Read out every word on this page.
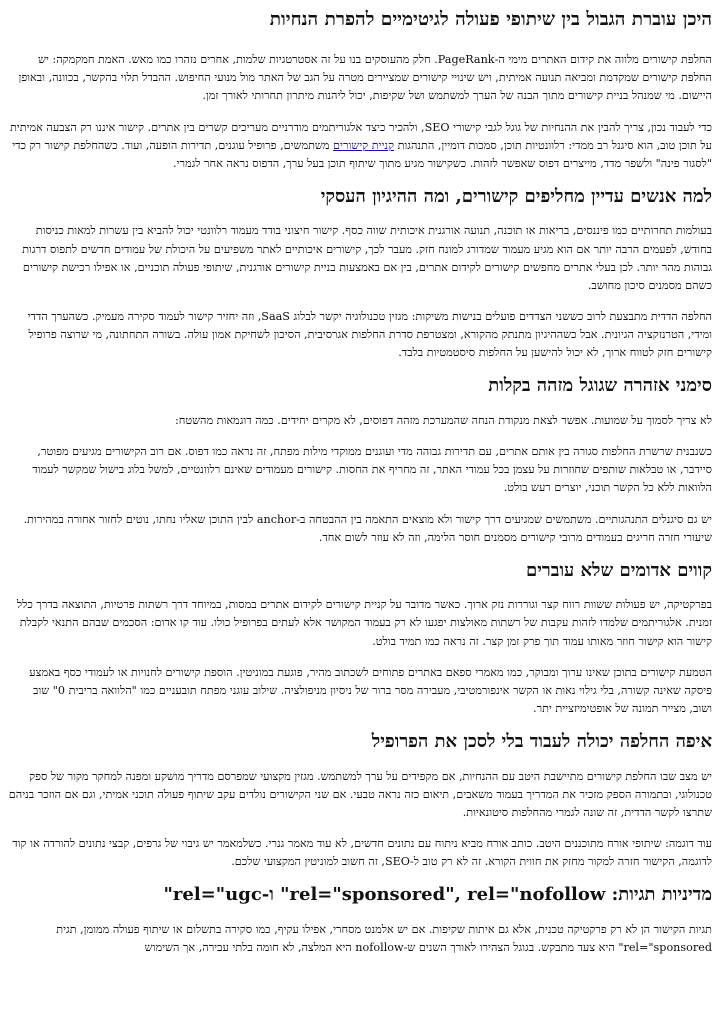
היכן עוברת הגבול בין שיתופי פעולה לגיטימיים להפרת הנחיות

החלפת קישורים מלווה את קידום האתרים מימי ה-PageRank. חלק מהעוסקים בנו על זה אסטרטגיות שלמות, אחרים נזהרו כמו מאש. האמת חמקמקה: יש החלפת קישורים שמקדמת ומביאה תנועה אמיתית, ויש שינויי קישורים שמציירים מטרה על הגב של האתר מול מנועי החיפוש. ההבדל תלוי בהקשר, בכוונה, ובאופן היישום. מי שמנהל בניית קישורים מתוך הבנה של הערך למשתמש ושל שקיפות, יכול ליהנות מיתרון תחרותי לאורך זמן.

כדי לעבוד נכון, צריך להבין את ההנחיות של גוגל לגבי קישורי SEO, ולהכיר כיצד אלגוריתמים מודרניים מעריכים קשרים בין אתרים. קישור איננו רק הצבעה אמיתית על תוכן טוב, הוא סיגנל רב ממדי: רלוונטיות תוכן, סמכות דומיין, התנהגות קניית קישורים משתמשים, פרופיל עוגנים, תדירות הופעה, ועוד. כשהחלפת קישור רק כדי "לסגור פינה" ולשפר מדד, מייצרים דפוס שאפשר לזהות. כשקישור מגיע מתוך שיתוף תוכן בעל ערך, הדפוס נראה אחר לגמרי.

למה אנשים עדיין מחליפים קישורים, ומה ההיגיון העסקי

בעולמות תחרותיים כמו פיננסים, בריאות או תוכנה, תנועה אורגנית איכותית שווה כסף. קישור חיצוני בודד מעמוד רלוונטי יכול להביא בין עשרות למאות כניסות בחודש, לפעמים הרבה יותר אם הוא מגיע מעמוד שמדורג למונח חזק. מעבר לכך, קישורים איכותיים לאתר משפיעים על היכולת של עמודים חדשים לתפוס דרגות גבוהות מהר יותר. לכן בעלי אתרים מחפשים קישורים לקידום אתרים, בין אם באמצעות בניית קישורים אורגנית, שיתופי פעולה תוכניים, או אפילו רכישת קישורים כשהם מסמנים סיכון מחושב.

החלפה הדדית מתבצעת לרוב כששני הצדדים פועלים בנישות משיקות: מגזין טכנולוגיה יקשר לבלוג SaaS, וזה יחזיר קישור לעמוד סקירה מעמיק. כשהערך הדדי ומידי, הטרנזקציה הגיונית. אבל כשההיגיון מתנתק מהקורא, ומצטרפת סדרת החלפות אגרסיבית, הסיכון לשחיקת אמון עולה. בשורה התחתונה, מי שרוצה פרופיל קישורים חזק לטווח ארוך, לא יכול להישען על החלפות סיסטמטיות בלבד.

סימני אזהרה שגוגל מזהה בקלות

לא צריך לסמוך על שמועות. אפשר לצאת מנקודת הנחה שהמערכת מזהה דפוסים, לא מקרים יחידים. כמה דוגמאות מהשטח:

כשנבנית שרשרת החלפות סגורה בין אותם אתרים, עם תדירות גבוהה מדי ועוגנים ממוקדי מילות מפתח, זה נראה כמו דפוס. אם רוב הקישורים מגיעים מפוטר, סיידבר, או טבלאות שותפים שחוזרות על עצמן בכל עמודי האתר, זה מחריף את החסות. קישורים מעמודים שאינם רלוונטיים, למשל בלוג בישול שמקשר לעמוד הלוואות ללא כל הקשר תוכני, יוצרים רעש בולט.

יש גם סיגנלים התנהגותיים. משתמשים שמגיעים דרך קישור ולא מוצאים התאמה בין ההבטחה ב-anchor לבין התוכן שאליו נחתו, נוטים לחזור אחורה במהירות. שיעורי חזרה חריגים בעמודים מרובי קישורים מסמנים חוסר הלימה, וזה לא עוזר לשום אחד.

קווים אדומים שלא עוברים

בפרקטיקה, יש פעולות ששוות רווח קצר וגוררות נזק ארוך. כאשר מדובר על קניית קישורים לקידום אתרים במסות, במיוחד דרך רשתות פרטיות, התוצאה בדרך כלל זמנית. אלגוריתמים שלמדו לזהות עקבות של רשתות מאולצות יפגעו לא רק בעמוד המקושר אלא לעתים בפרופיל כולו. עוד קו אדום: הסכמים שבהם התנאי לקבלת קישור הוא קישור חוזר מאותו עמוד תוך פרק זמן קצר. זה נראה כמו תמיד בולט.

הטמעת קישורים בתוכן שאינו ערוך ומבוקר, כמו מאמרי ספאם באתרים פתוחים לשכתוב מהיר, פוגעת במוניטין. הוספת קישורים לחנויות או לעמודי כסף באמצע פיסקה שאינה קשורה, בלי גילוי נאות או הקשר אינפורמטיבי, מעבירה מסר ברור של ניסיון מניפולציה. שילוב עוגני מפתח תובעניים כמו "הלוואה בריבית 0" שוב ושוב, מצייר תמונה של אופטימיזציית יתר.

איפה החלפה יכולה לעבוד בלי לסכן את הפרופיל

יש מצב שבו החלפת קישורים מתיישבת היטב עם ההנחיות, אם מקפידים על ערך למשתמש. מגזין מקצועי שמפרסם מדריך מושקע ומפנה למחקר מקור של ספק טכנולוגי, ובתמורה הספק מזכיר את המדריך בעמוד משאבים, תיאום כזה נראה טבעי. אם שני הקישורים נולדים עקב שיתוף פעולה תוכני אמיתי, וגם אם הוזכר בניהם שתרצו לקשר הדדית, זה שונה לגמרי מהחלפות סיטונאיות.

עוד דוגמה: שיתופי אורח מתוכננים היטב. כותב אורח מביא ניתוח עם נתונים חדשים, לא עוד מאמר גנרי. כשלמאמר יש גיבוי של גרפים, קבצי נתונים להורדה או קוד לדוגמה, הקישור חזרה למקור מחזק את חווית הקורא. זה לא רק טוב ל-SEO, זה חשוב למוניטין המקצועי שלכם.

מדיניות תגיות: rel="sponsored", rel="nofollow" ו-rel="ugc"

תגיות הקישור הן לא רק פרקטיקה טכנית, אלא גם איתות שקיפות. אם יש אלמנט מסחרי, אפילו עקיף, כמו סקירה בתשלום או שיתוף פעולה ממומן, תגית rel="sponsored" היא צעד מתבקש. בגוגל הצהירו לאורך השנים ש-nofollow היא המלצה, לא חומה בלתי עבירה, אך השימוש
